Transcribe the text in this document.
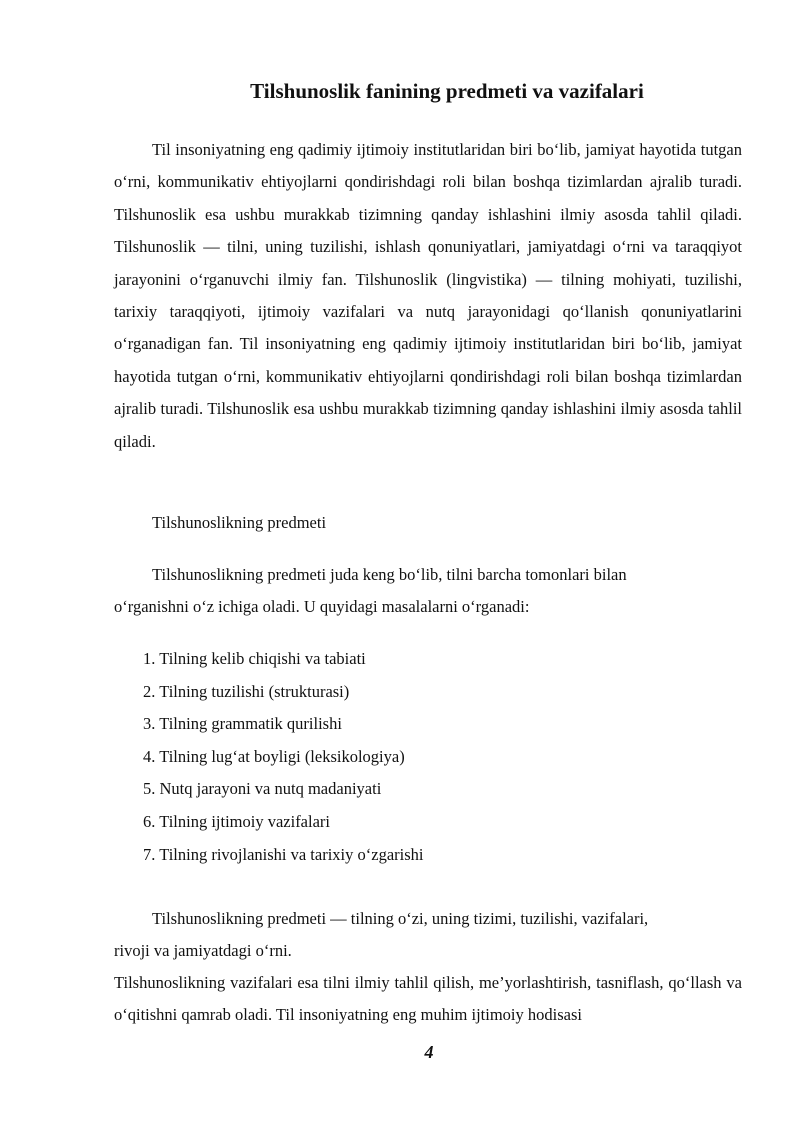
Tilshunoslik fanining predmeti va vazifalari

Til insoniyatning eng qadimiy ijtimoiy institutlaridan biri bo‘lib, jamiyat hayotida tutgan o‘rni, kommunikativ ehtiyojlarni qondirishdagi roli bilan boshqa tizimlardan ajralib turadi. Tilshunoslik esa ushbu murakkab tizimning qanday ishlashini ilmiy asosda tahlil qiladi. Tilshunoslik — tilni, uning tuzilishi, ishlash qonuniyatlari, jamiyatdagi o‘rni va taraqqiyot jarayonini o‘rganuvchi ilmiy fan. Tilshunoslik (lingvistika) — tilning mohiyati, tuzilishi, tarixiy taraqqiyoti, ijtimoiy vazifalari va nutq jarayonidagi qo‘llanish qonuniyatlarini o‘rganadigan fan. Til insoniyatning eng qadimiy ijtimoiy institutlaridan biri bo‘lib, jamiyat hayotida tutgan o‘rni, kommunikativ ehtiyojlarni qondirishdagi roli bilan boshqa tizimlardan ajralib turadi. Tilshunoslik esa ushbu murakkab tizimning qanday ishlashini ilmiy asosda tahlil qiladi.

Tilshunoslikning predmeti
Tilshunoslikning predmeti juda keng bo‘lib, tilni barcha tomonlari bilan
o‘rganishni o‘z ichiga oladi. U quyidagi masalalarni o‘rganadi:
1. Tilning kelib chiqishi va tabiati
2. Tilning tuzilishi (strukturasi)
3. Tilning grammatik qurilishi
4. Tilning lug‘at boyligi (leksikologiya)
5. Nutq jarayoni va nutq madaniyati
6. Tilning ijtimoiy vazifalari
7. Tilning rivojlanishi va tarixiy o‘zgarishi
Tilshunoslikning predmeti — tilning o‘zi, uning tizimi, tuzilishi, vazifalari,
rivoji va jamiyatdagi o‘rni.

Tilshunoslikning vazifalari esa tilni ilmiy tahlil qilish, me’yorlashtirish, tasniflash, qo‘llash va o‘qitishni qamrab oladi. Til insoniyatning eng muhim ijtimoiy hodisasi

4
